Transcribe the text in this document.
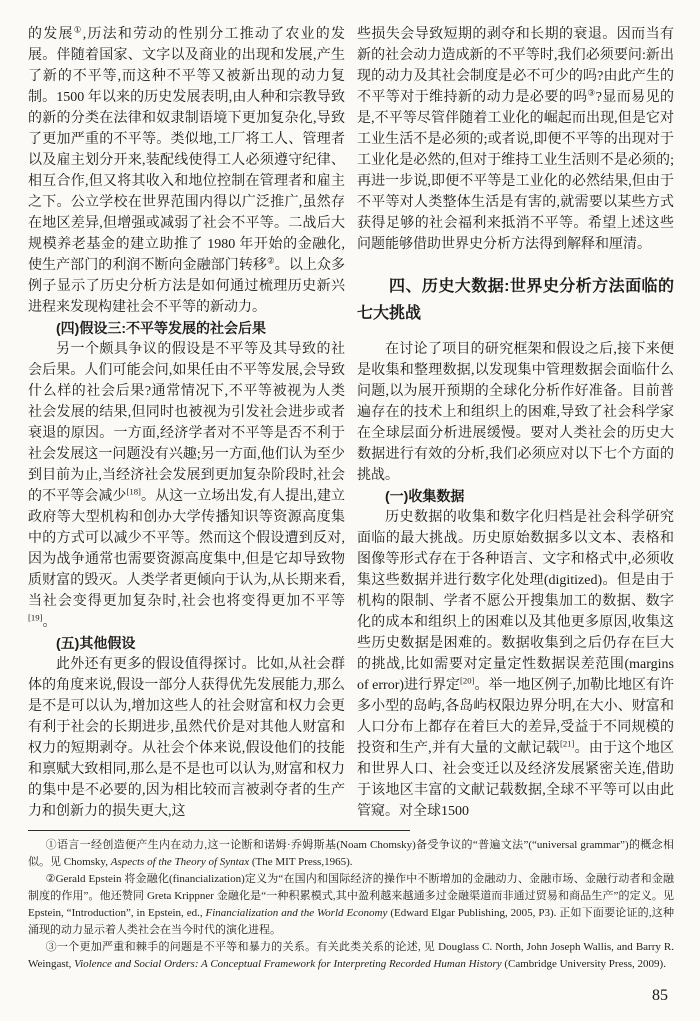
的发展①,历法和劳动的性别分工推动了农业的发展。伴随着国家、文字以及商业的出现和发展,产生了新的不平等,而这种不平等又被新出现的动力复制。1500 年以来的历史发展表明,由人种和宗教导致的新的分类在法律和奴隶制语境下更加复杂化,导致了更加严重的不平等。类似地,工厂将工人、管理者以及雇主划分开来,装配线使得工人必须遵守纪律、相互合作,但又将其收入和地位控制在管理者和雇主之下。公立学校在世界范围内得以广泛推广,虽然存在地区差异,但增强或减弱了社会不平等。二战后大规模养老基金的建立助推了 1980 年开始的金融化,使生产部门的利润不断向金融部门转移②。以上众多例子显示了历史分析方法是如何通过梳理历史新兴进程来发现构建社会不平等的新动力。

(四)假设三:不平等发展的社会后果

另一个颇具争议的假设是不平等及其导致的社会后果。人们可能会问,如果任由不平等发展,会导致什么样的社会后果?通常情况下,不平等被视为人类社会发展的结果,但同时也被视为引发社会进步或者衰退的原因。一方面,经济学者对不平等是否不利于社会发展这一问题没有兴趣;另一方面,他们认为至少到目前为止,当经济社会发展到更加复杂阶段时,社会的不平等会减少[18]。从这一立场出发,有人提出,建立政府等大型机构和创办大学传播知识等资源高度集中的方式可以减少不平等。然而这个假设遭到反对,因为战争通常也需要资源高度集中,但是它却导致物质财富的毁灭。人类学者更倾向于认为,从长期来看,当社会变得更加复杂时,社会也将变得更加不平等[19]。

(五)其他假设

此外还有更多的假设值得探讨。比如,从社会群体的角度来说,假设一部分人获得优先发展能力,那么是不是可以认为,增加这些人的社会财富和权力会更有利于社会的长期进步,虽然代价是对其他人财富和权力的短期剥夺。从社会个体来说,假设他们的技能和禀赋大致相同,那么是不是也可以认为,财富和权力的集中是不必要的,因为相比较而言被剥夺者的生产力和创新力的损失更大,这

些损失会导致短期的剥夺和长期的衰退。因而当有新的社会动力造成新的不平等时,我们必须要问:新出现的动力及其社会制度是必不可少的吗?由此产生的不平等对于维持新的动力是必要的吗③?显而易见的是,不平等尽管伴随着工业化的崛起而出现,但是它对工业生活不是必须的;或者说,即便不平等的出现对于工业化是必然的,但对于维持工业生活则不是必须的;再进一步说,即便不平等是工业化的必然结果,但由于不平等对人类整体生活是有害的,就需要以某些方式获得足够的社会福利来抵消不平等。希望上述这些问题能够借助世界史分析方法得到解释和厘清。

四、历史大数据:世界史分析方法面临的七大挑战

在讨论了项目的研究框架和假设之后,接下来便是收集和整理数据,以发现集中管理数据会面临什么问题,以为展开预期的全球化分析作好准备。目前普遍存在的技术上和组织上的困难,导致了社会科学家在全球层面分析进展缓慢。要对人类社会的历史大数据进行有效的分析,我们必须应对以下七个方面的挑战。

(一)收集数据

历史数据的收集和数字化归档是社会科学研究面临的最大挑战。历史原始数据多以文本、表格和图像等形式存在于各种语言、文字和格式中,必须收集这些数据并进行数字化处理(digitized)。但是由于机构的限制、学者不愿公开搜集加工的数据、数字化的成本和组织上的困难以及其他更多原因,收集这些历史数据是困难的。数据收集到之后仍存在巨大的挑战,比如需要对定量定性数据误差范围(margins of error)进行界定[20]。举一地区例子,加勒比地区有许多小型的岛屿,各岛屿权限边界分明,在大小、财富和人口分布上都存在着巨大的差异,受益于不同规模的投资和生产,并有大量的文献记载[21]。由于这个地区和世界人口、社会变迁以及经济发展紧密关连,借助于该地区丰富的文献记载数据,全球不平等可以由此管窥。对全球1500

①语言一经创造便产生内在动力,这一论断和诺姆·乔姆斯基(Noam Chomsky)备受争议的“普遍文法”(“universal grammar”)的概念相似。见 Chomsky, Aspects of the Theory of Syntax (The MIT Press,1965).

②Gerald Epstein 将金融化(financialization)定义为“在国内和国际经济的操作中不断增加的金融动力、金融市场、金融行动者和金融制度的作用”。他还赞同 Greta Krippner 金融化是“一种积累模式,其中盈利越来越通多过金融渠道而非通过贸易和商品生产”的定义。见 Epstein, “Introduction”, in Epstein, ed., Financialization and the World Economy (Edward Elgar Publishing, 2005, P3). 正如下面要论证的,这种涌现的动力显示着人类社会在当今时代的演化进程。

③一个更加严重和棘手的问题是不平等和暴力的关系。有关此类关系的论述, 见 Douglass C. North, John Joseph Wallis, and Barry R. Weingast, Violence and Social Orders: A Conceptual Framework for Interpreting Recorded Human History (Cambridge University Press, 2009).

85
